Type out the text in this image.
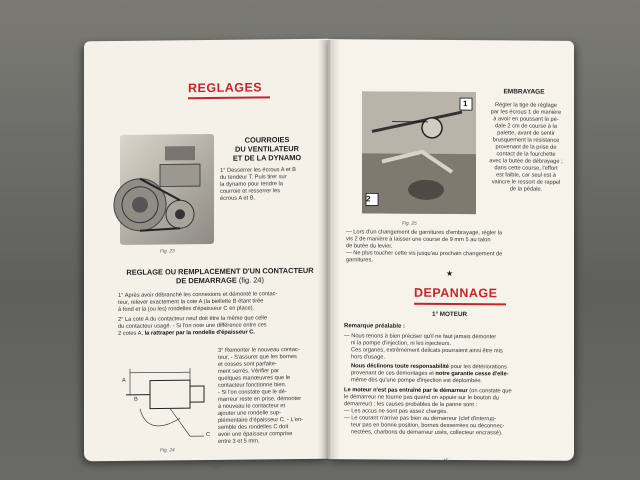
REGLAGES
COURROIES
DU VENTILATEUR
ET DE LA DYNAMO
1° Desserrer les écrous A et B
du tendeur T. Puis tirer sur
la dynamo pour tendre la
courroie et resserrer les
écrous A et B.
Fig. 23
REGLAGE OU REMPLACEMENT D'UN CONTACTEUR
DE DEMARRAGE (fig. 24)
1° Après avoir débranché les connexions et démonté le contac-
teur, relever exactement la cote A (la biellette B étant tirée
à fond et la (ou les) rondelles d'épaisseur C en place).
2° La cote A du contacteur neuf doit être la même que celle
du contacteur usagé. - Si l'on note une différence entre ces
2 cotes A, la rattraper par la rondelle d'épaisseur C.
3° Remonter le nouveau contac-
teur, - S'assurer que les bornes
et cosses sont parfaite-
ment serrés. Vérifier par
quelques manœuvres que le
contacteur fonctionne bien.
- Si l'on constate que le dé-
marreur reste en prise, démonter
à nouveau le contacteur et
ajouter une rondelle sup-
plémentaire d'épaisseur C. - L'en-
semble des rondelles C doit
avoir une épaisseur comprise
entre 3 et 5 mm.
A
B
C
Fig. 24
- 43 -
2
1
Fig. 25
EMBRAYAGE
Régler la tige de réglage
par les écrous 1 de manière
à avoir en poussant la pé-
dale 2 cm de course à la
palette, avant de sentir
brusquement la résistance
provenant de la prise de
contact de la fourchette
avec la butée de débrayage ;
dans cette course, l'effort
est faible, car seul est à
vaincre le ressort de rappel
de la pédale.
— Lors d'un changement de garnitures d'embrayage, régler la
vis 2 de manière à laisser une course de 9 mm 5 au talon
de butée du levier.
— Ne plus toucher cette vis jusqu'au prochain changement de
garnitures.
★
DEPANNAGE
1° MOTEUR
Remarque préalable :
— Nous tenons à bien préciser qu'il ne faut jamais démonter
ni la pompe d'injection, ni les injecteurs.
Ces organes, extrêmement délicats pourraient ainsi être mis
hors d'usage.
Nous déclinons toute responsabilité pour les détériorations
provenant de ces démontages et notre garantie cesse d'elle-
même dès qu'une pompe d'injection est déplombée.
Le moteur n'est pas entraîné par le démarreur (on constate que
le démarreur ne tourne pas quand on appuie sur le bouton du
démarreur) ; les causes probables de la panne sont :
— Les accus ne sont pas assez chargés.
— Le courant n'arrive pas bien au démarreur (clef d'interrup-
teur pas en bonne position, bornes desserrées ou déconnec-
nectées, charbons du démarreur usés, collecteur encrassé).
- 45 -
